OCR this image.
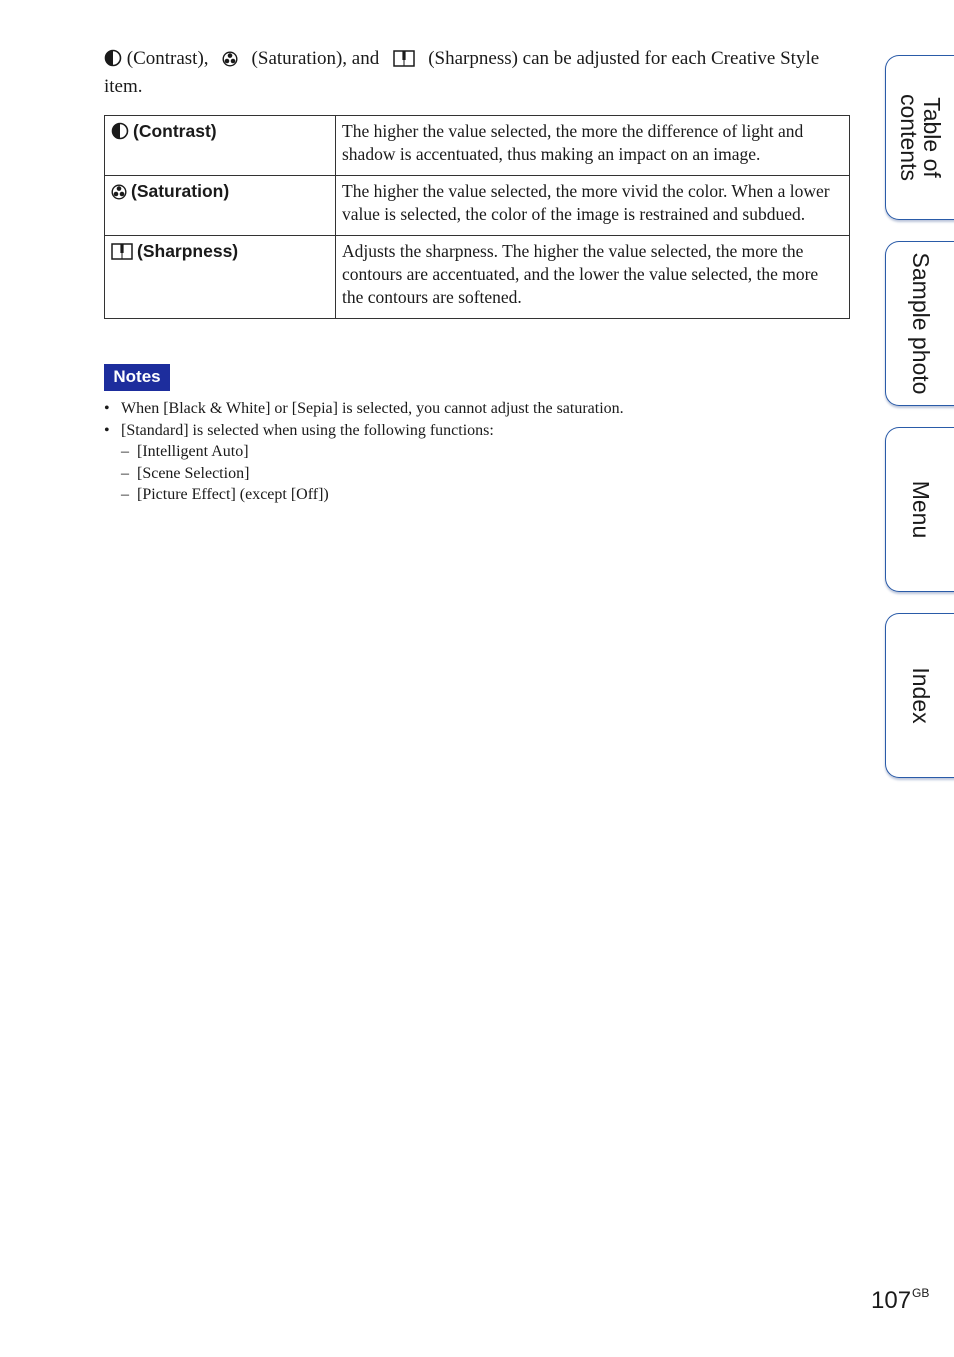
(Contrast), (Saturation), and	(Sharpness) can be adjusted for each Creative Style item.
(Contrast)	The higher the value selected, the more the difference of light and shadow is accentuated, thus making an impact on an image.
(Saturation)	The higher the value selected, the more vivid the color. When a lower value is selected, the color of the image is restrained and subdued.
(Sharpness)	Adjusts the sharpness. The higher the value selected, the more the contours are accentuated, and the lower the value selected, the more the contours are softened.
Notes
• When [Black & White] or [Sepia] is selected, you cannot adjust the saturation.
• [Standard] is selected when using the following functions:
– [Intelligent Auto]
– [Scene Selection]
– [Picture Effect] (except [Off])
Table of contents
Sample photo
Menu
Index
$107^{GB}$
